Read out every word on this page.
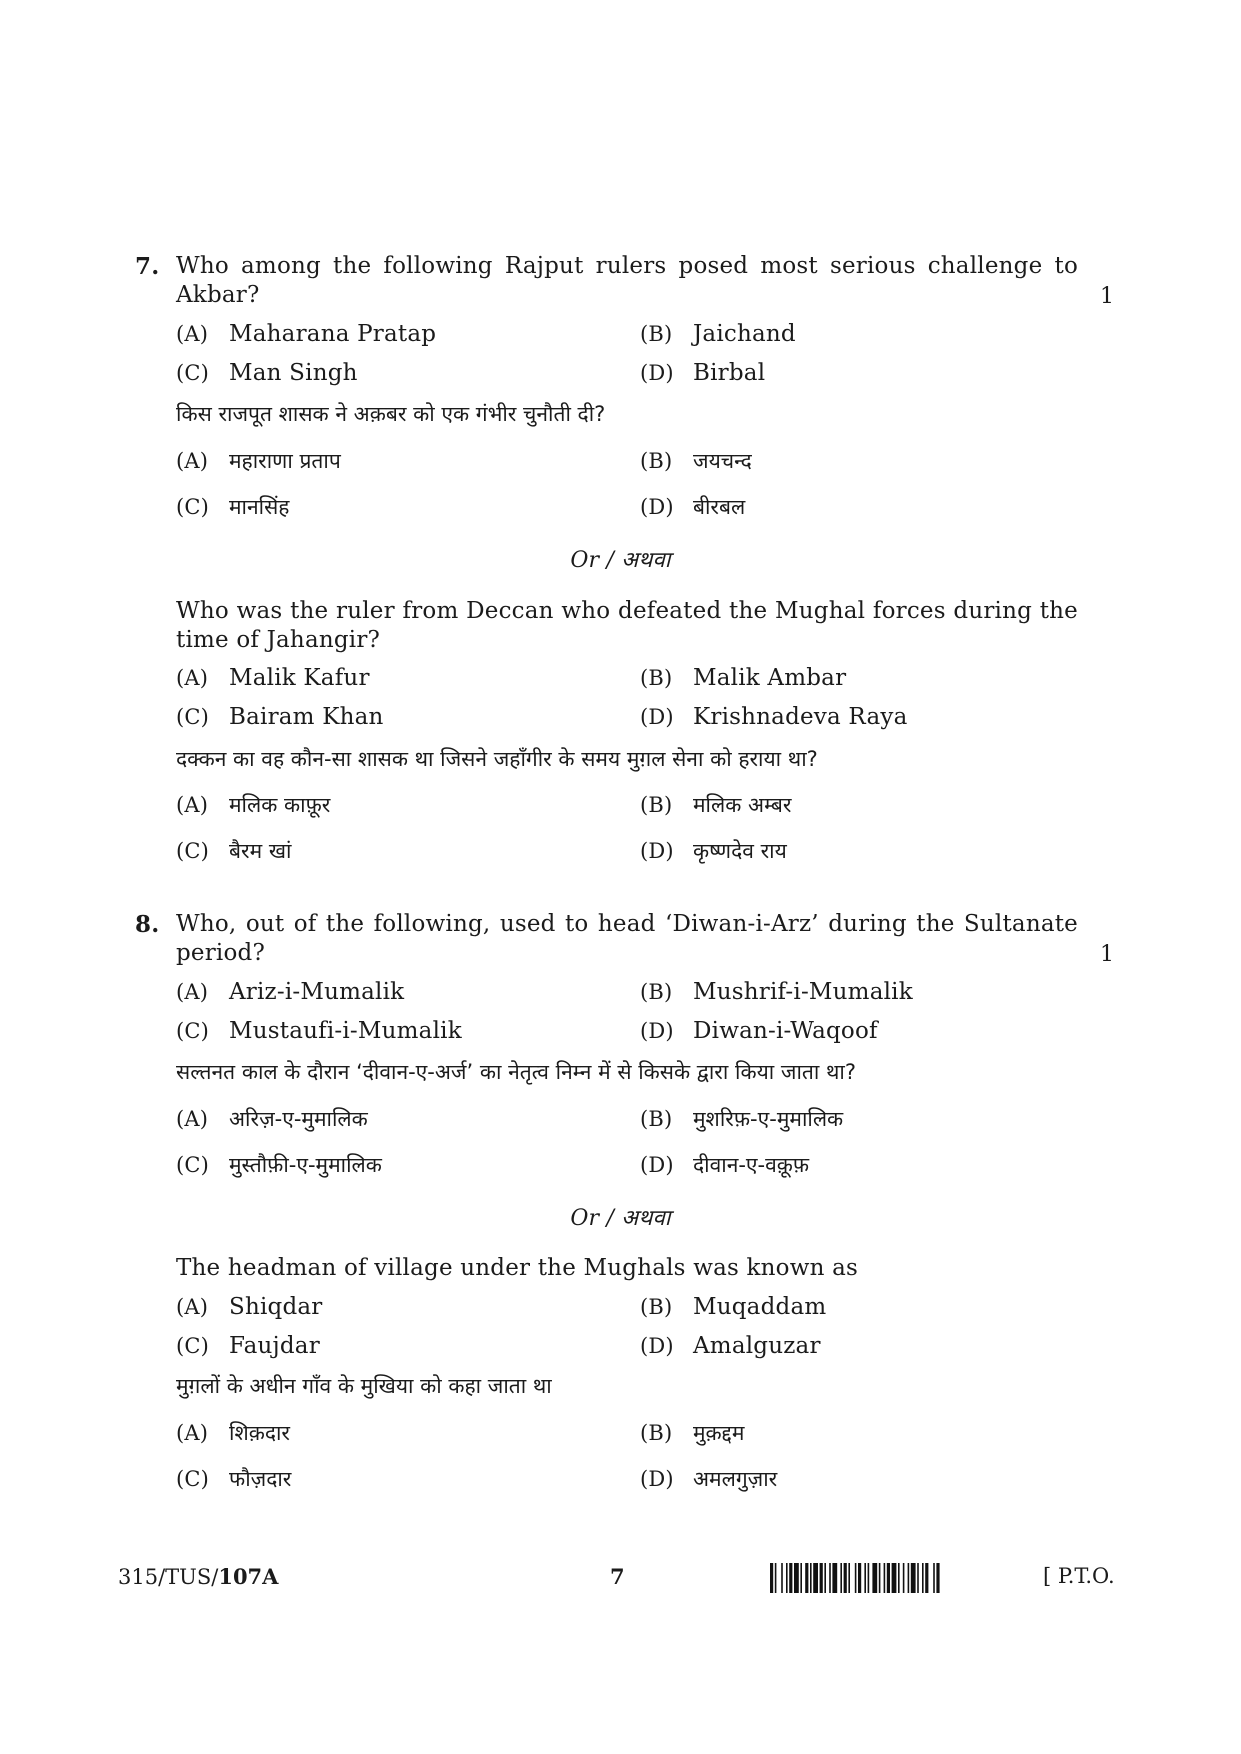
7. Who among the following Rajput rulers posed most serious challenge to Akbar?	1
(A) Maharana Pratap	(B) Jaichand
(C) Man Singh	(D) Birbal
किस राजपूत शासक ने अक़बर को एक गंभीर चुनौती दी?
(A) महाराणा प्रताप	(B) जयचन्द
(C) मानसिंह	(D) बीरबल
Or / अथवा
Who was the ruler from Deccan who defeated the Mughal forces during the time of Jahangir?
(A) Malik Kafur	(B) Malik Ambar
(C) Bairam Khan	(D) Krishnadeva Raya
दक्कन का वह कौन-सा शासक था जिसने जहाँगीर के समय मुग़ल सेना को हराया था?
(A) मलिक काफ़ूर	(B) मलिक अम्बर
(C) बैरम खां	(D) कृष्णदेव राय
8. Who, out of the following, used to head ‘Diwan-i-Arz’ during the Sultanate period?	1
(A) Ariz-i-Mumalik	(B) Mushrif-i-Mumalik
(C) Mustaufi-i-Mumalik	(D) Diwan-i-Waqoof
सल्तनत काल के दौरान ‘दीवान-ए-अर्ज’ का नेतृत्व निम्न में से किसके द्वारा किया जाता था?
(A) अरिज़-ए-मुमालिक	(B) मुशरिफ़-ए-मुमालिक
(C) मुस्तौफ़ी-ए-मुमालिक	(D) दीवान-ए-वक़ूफ़
Or / अथवा
The headman of village under the Mughals was known as
(A) Shiqdar	(B) Muqaddam
(C) Faujdar	(D) Amalguzar
मुग़लों के अधीन गाँव के मुखिया को कहा जाता था
(A) शिक़दार	(B) मुक़द्दम
(C) फौज़दार	(D) अमलगुज़ार
315/TUS/107A	7	[ P.T.O.
